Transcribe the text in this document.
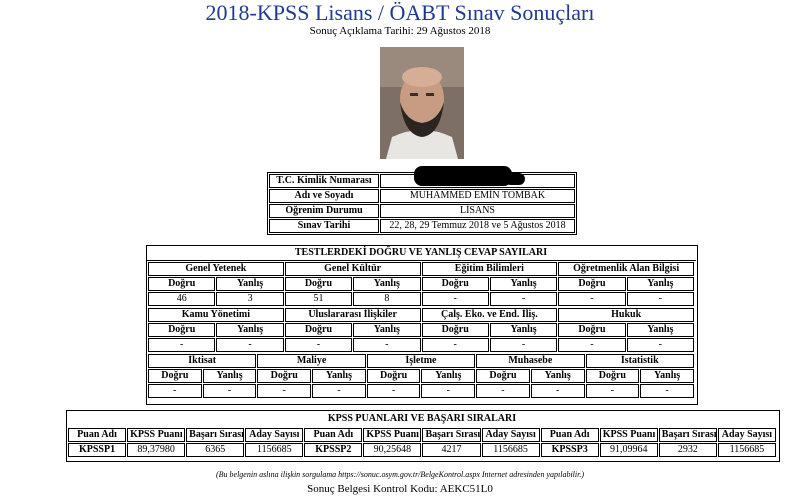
2018-KPSS Lisans / ÖABT Sınav Sonuçları
Sonuç Açıklama Tarihi: 29 Ağustos 2018
T.C. Kimlik Numarası	
Adı ve Soyadı	MUHAMMED EMİN TOMBAK
Öğrenim Durumu	LİSANS
Sınav Tarihi	22, 28, 29 Temmuz 2018 ve 5 Ağustos 2018
TESTLERDEKİ DOĞRU VE YANLIŞ CEVAP SAYILARI
Genel Yetenek		Genel Kültür		Eğitim Bilimleri		Öğretmenlik Alan Bilgisi	
Doğru	Yanlış	Doğru	Yanlış	Doğru	Yanlış	Doğru	Yanlış
46	3	51	8	-	-	-	-
Kamu Yönetimi		Uluslararası İlişkiler		Çalş. Eko. ve End. İliş.		Hukuk	
Doğru	Yanlış	Doğru	Yanlış	Doğru	Yanlış	Doğru	Yanlış
-	-	-	-	-	-	-	-
İktisat		Maliye		İşletme		Muhasebe		İstatistik	
Doğru	Yanlış	Doğru	Yanlış	Doğru	Yanlış	Doğru	Yanlış	Doğru	Yanlış
-	-	-	-	-	-	-	-	-	-
KPSS PUANLARI VE BAŞARI SIRALARI
Puan Adı	KPSS Puanı	Başarı Sırası	Aday Sayısı	Puan Adı	KPSS Puanı	Başarı Sırası	Aday Sayısı	Puan Adı	KPSS Puanı	Başarı Sırası	Aday Sayısı
KPSSP1	89,37980	6365	1156685	KPSSP2	90,25648	4217	1156685	KPSSP3	91,09964	2932	1156685
(Bu belgenin aslına ilişkin sorgulama https://sonuc.osym.gov.tr/BelgeKontrol.aspx Internet adresinden yapılabilir.)
Sonuç Belgesi Kontrol Kodu: AEKC51L0
